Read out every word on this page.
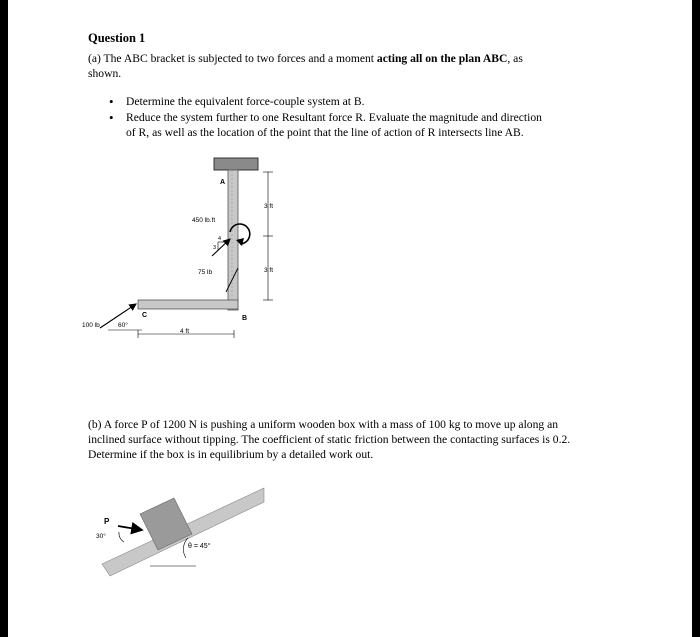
Question 1
(a) The ABC bracket is subjected to two forces and a moment acting all on the plan ABC, as
shown.
• Determine the equivalent force-couple system at B.
• Reduce the system further to one Resultant force R. Evaluate the magnitude and direction
of R, as well as the location of the point that the line of action of R intersects line AB.
A
B
C
450 lb.ft
4
3
75 lb
100 lb	60°
3 ft
3 ft
4 ft
(b) A force P of 1200 N is pushing a uniform wooden box with a mass of 100 kg to move up along an
inclined surface without tipping. The coefficient of static friction between the contacting surfaces is 0.2.
Determine if the box is in equilibrium by a detailed work out.
P
30°
θ = 45°
